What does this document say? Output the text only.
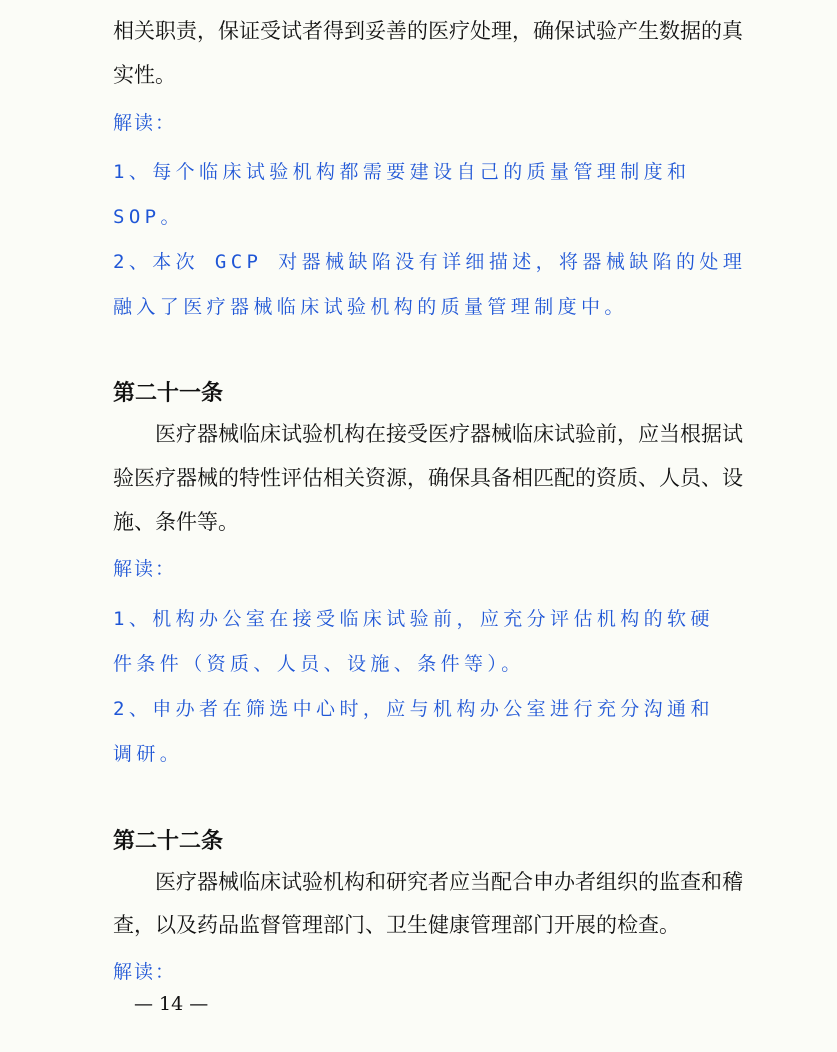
相关职责，保证受试者得到妥善的医疗处理，确保试验产生数据的真
实性。
解读：
1、每个临床试验机构都需要建设自己的质量管理制度和
SOP。
2、本次 GCP 对器械缺陷没有详细描述，将器械缺陷的处理
融入了医疗器械临床试验机构的质量管理制度中。
第二十一条
医疗器械临床试验机构在接受医疗器械临床试验前，应当根据试
验医疗器械的特性评估相关资源，确保具备相匹配的资质、人员、设
施、条件等。
解读：
1、机构办公室在接受临床试验前，应充分评估机构的软硬
件条件（资质、人员、设施、条件等）。
2、申办者在筛选中心时，应与机构办公室进行充分沟通和
调研。
第二十二条
医疗器械临床试验机构和研究者应当配合申办者组织的监查和稽
查，以及药品监督管理部门、卫生健康管理部门开展的检查。
解读：
— 14 —
